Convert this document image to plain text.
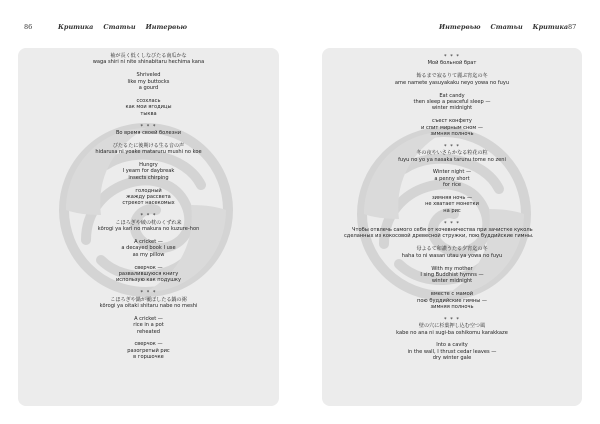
86	Критика Статьи Интервью
袖が長く低くしなびたる南瓜かな
waga shiri ni nite shinabitaru hechima kana
Shriveled
like my buttocks
a gourd
ссохлась
как мои ягодицы
тыква
* * *
Во время своей болезни
びたるたに後期ける生る音の声
hidarusa ni yoake mataruru mushi no koe
Hungry
I yearn for daybreak
insects chirping
голодный
жажду рассвета
стрекот насекомых
* * *
こほろぎや破の枕のくずれ来
kōrogi ya kari no makura no kuzure-hon
A cricket —
a decayed book I use
as my pillow
сверчок —
развалившуюся книгу
использую как подушку
* * *
こほろぎや鍋が覆ぼしたる鍋の粥
kōrogi ya oitaki shitaru nabe no meshi
A cricket —
rice in a pot
reheated
сверчок —
разогретый рис
в горшочке
Интервью Статьи Критика 87
* * *
Мой больной брат
飴るまで寂るりて麗ぷ宵迄の冬
ame namete yasuyakaku neyo yowa no fuyu
Eat candy
then sleep a peaceful sleep —
winter midnight
съест конфету
и спит мирным сном —
зимняя полночь
* * *
冬の夜やいさらかなる粒花の粒
fuyu no yo ya nasaka tarunu tome no zeni
Winter night —
a penny short
for rice
зимняя ночь —
не хватает монетки
на рис
* * *
Чтобы отвлечь самого себя от кочевничества при зачистке куколь сделанных из кокосовой древесной стружки, пою буддийские гимны.
母よるて和讃うたる夕宵迄の冬
haha to ni wasan utau ya yowa no fuyu
With my mother
I sing Buddhist hymns —
winter midnight
вместе с мамой
пою буддийские гимны —
зимняя полночь
* * *
壁の穴に杉葉押し込む空つ風
kabe no ana ni sugi-ba oshikomu karakkaze
Into a cavity
in the wall, I thrust cedar leaves —
dry winter gale
